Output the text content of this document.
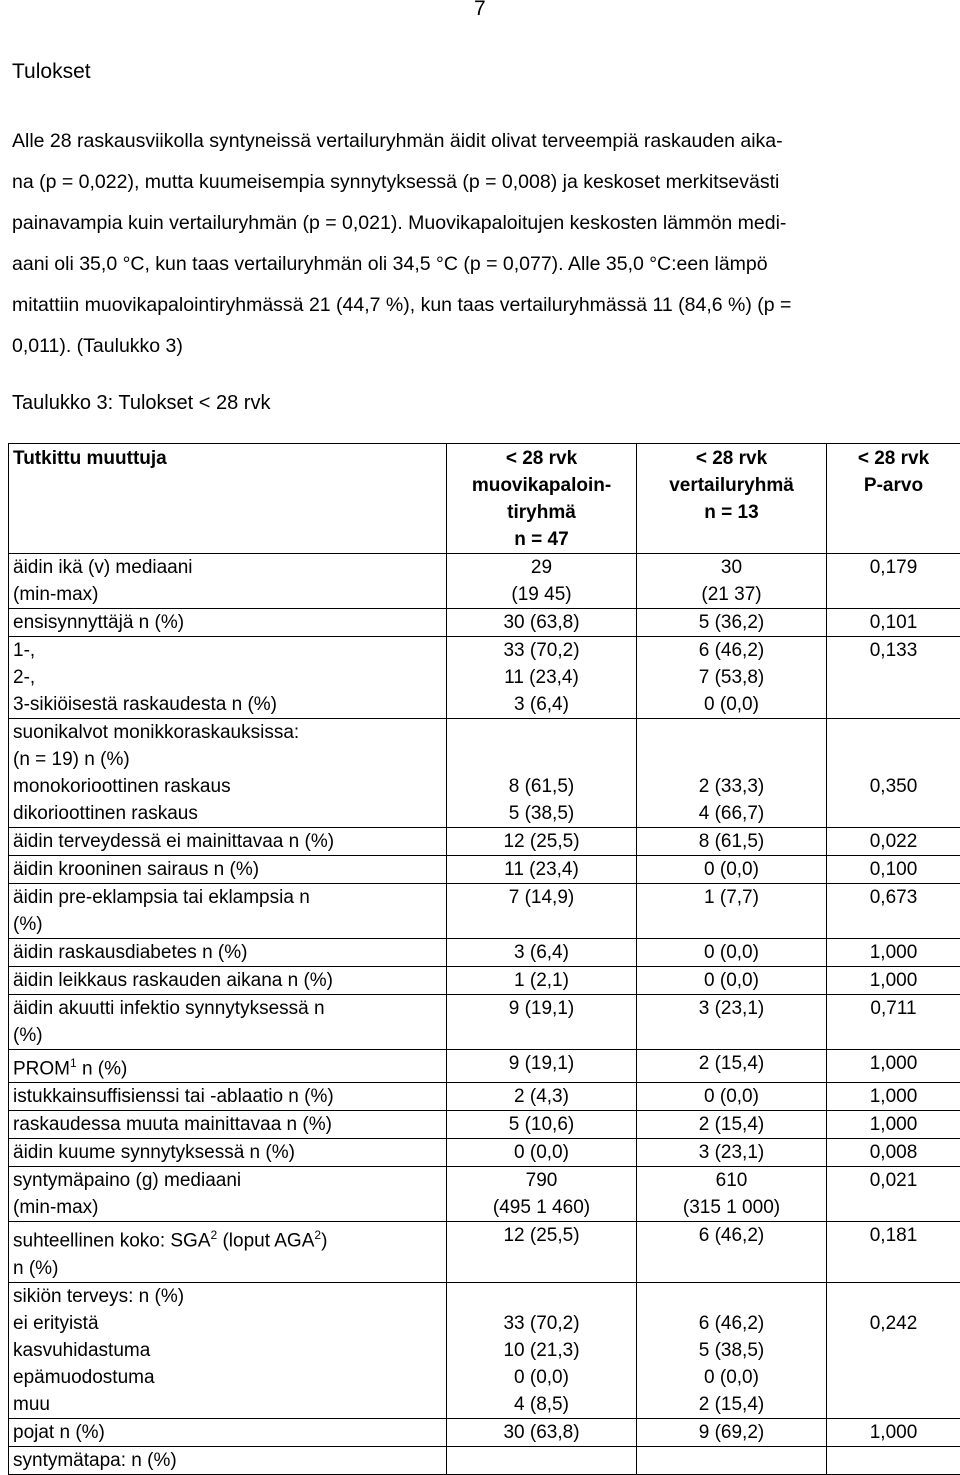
7
Tulokset

Alle 28 raskausviikolla syntyneissä vertailuryhmän äidit olivat terveempiä raskauden aika-
na (p = 0,022), mutta kuumeisempia synnytyksessä (p = 0,008) ja keskoset merkitsevästi
painavampia kuin vertailuryhmän (p = 0,021). Muovikapaloitujen keskosten lämmön medi-
aani oli 35,0 °C, kun taas vertailuryhmän oli 34,5 °C (p = 0,077). Alle 35,0 °C:een lämpö
mitattiin muovikapalointiryhmässä 21 (44,7 %), kun taas vertailuryhmässä 11 (84,6 %) (p =
0,011). (Taulukko 3)

Taulukko 3: Tulokset < 28 rvk
Tutkittu muuttuja	< 28 rvk
muovikapaloin-
tiryhmä
n = 47	< 28 rvk
vertailuryhmä
n = 13	< 28 rvk
P-arvo

äidin ikä (v) mediaani
(min-max)	29
(19 45)	30
(21 37)	0,179

ensisynnyttäjä n (%)	30 (63,8)	5 (36,2)	0,101

1-,
2-,
3-sikiöisestä raskaudesta n (%)	33 (70,2)
11 (23,4)
3 (6,4)	6 (46,2)
7 (53,8)
0 (0,0)	0,133

suonikalvot monikkoraskauksissa:
(n = 19) n (%)
monokorioottinen raskaus
dikorioottinen raskaus	8 (61,5)
5 (38,5)	2 (33,3)
4 (66,7)	0,350

äidin terveydessä ei mainittavaa n (%)	12 (25,5)	8 (61,5)	0,022

äidin krooninen sairaus n (%)	11 (23,4)	0 (0,0)	0,100

äidin pre-eklampsia tai eklampsia n
(%)	7 (14,9)	1 (7,7)	0,673

äidin raskausdiabetes n (%)	3 (6,4)	0 (0,0)	1,000

äidin leikkaus raskauden aikana n (%)	1 (2,1)	0 (0,0)	1,000

äidin akuutti infektio synnytyksessä n
(%)	9 (19,1)	3 (23,1)	0,711

PROM$^1$ n (%)	9 (19,1)	2 (15,4)	1,000

istukkainsuffisienssi tai -ablaatio n (%)	2 (4,3)	0 (0,0)	1,000

raskaudessa muuta mainittavaa n (%)	5 (10,6)	2 (15,4)	1,000

äidin kuume synnytyksessä n (%)	0 (0,0)	3 (23,1)	0,008

syntymäpaino (g) mediaani
(min-max)	790
(495 1 460)	610
(315 1 000)	0,021

suhteellinen koko: SGA$^2$ (loput AGA$^2$)
n (%)	12 (25,5)	6 (46,2)	0,181

sikiön terveys: n (%)
ei erityistä
kasvuhidastuma
epämuodostuma
muu	33 (70,2)
10 (21,3)
0 (0,0)
4 (8,5)	6 (46,2)
5 (38,5)
0 (0,0)
2 (15,4)	0,242

pojat n (%)	30 (63,8)	9 (69,2)	1,000

syntymätapa: n (%)			
